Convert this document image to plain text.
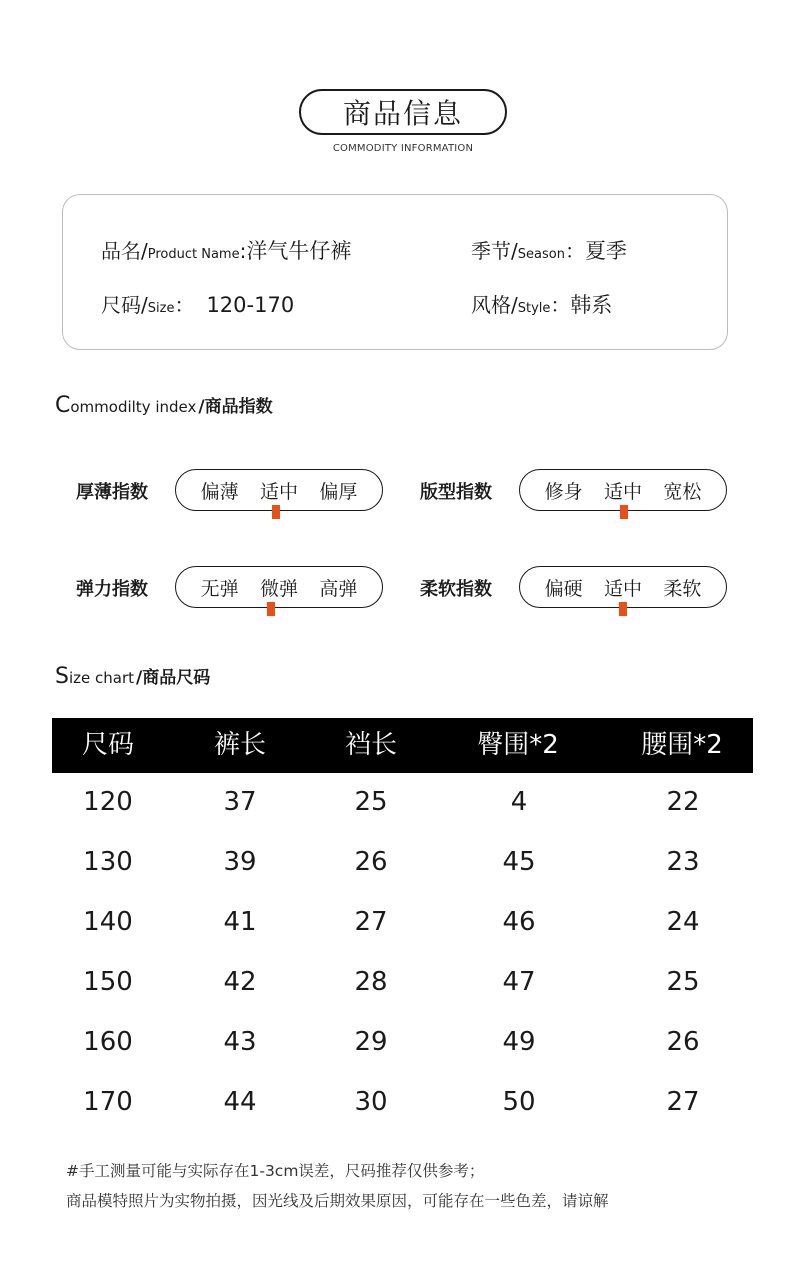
商品信息
COMMODITY INFORMATION
品名/ Product Name : 洋气牛仔裤	季节/ Season ： 夏季
尺码/ Size ： 120-170	风格/ Style ： 韩系
C ommodilty index /商品指数
厚薄指数	偏薄 适中 偏厚	版型指数	修身 适中 宽松
弹力指数	无弹 微弹 高弹	柔软指数	偏硬 适中 柔软
S ize chart /商品尺码
尺码	裤长	裆长	臀围*2	腰围*2
120	37	25	4	22
130	39	26	45	23
140	41	27	46	24
150	42	28	47	25
160	43	29	49	26
170	44	30	50	27
#手工测量可能与实际存在1-3cm误差，尺码推荐仅供参考；
商品模特照片为实物拍摄，因光线及后期效果原因，可能存在一些色差，请谅解
